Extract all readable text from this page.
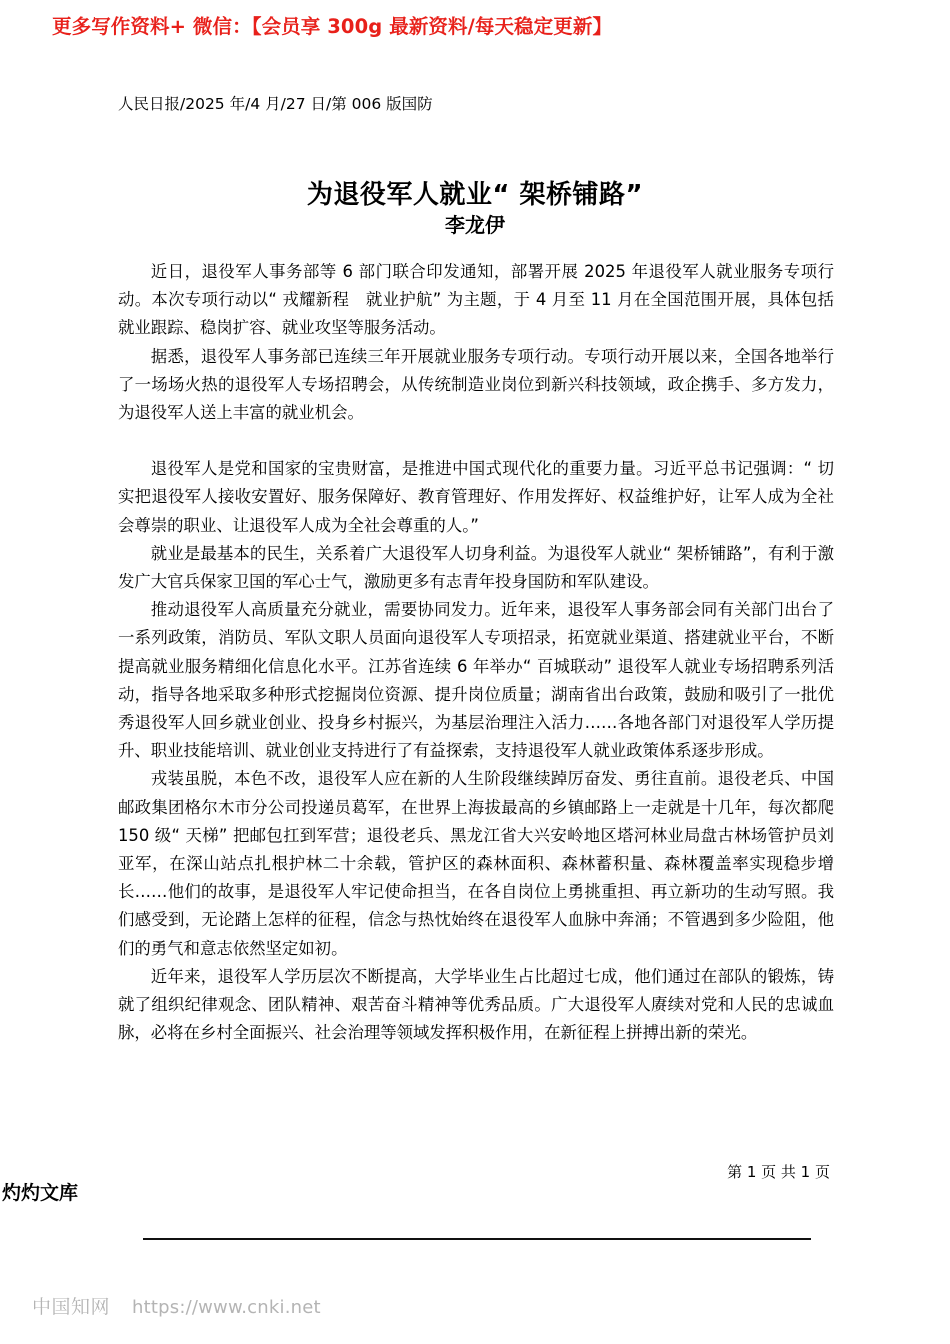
更多写作资料+ 微信：【会员享 300g 最新资料/每天稳定更新】
人民日报/2025 年/4 月/27 日/第 006 版国防
为退役军人就业“ 架桥铺路”
李龙伊

近日，退役军人事务部等 6 部门联合印发通知，部署开展 2025 年退役军人就业服务专项行动。本次专项行动以“ 戎耀新程　就业护航” 为主题，于 4 月至 11 月在全国范围开展，具体包括就业跟踪、稳岗扩容、就业攻坚等服务活动。

据悉，退役军人事务部已连续三年开展就业服务专项行动。专项行动开展以来，全国各地举行了一场场火热的退役军人专场招聘会，从传统制造业岗位到新兴科技领域，政企携手、多方发力，为退役军人送上丰富的就业机会。

退役军人是党和国家的宝贵财富，是推进中国式现代化的重要力量。习近平总书记强调：“ 切实把退役军人接收安置好、服务保障好、教育管理好、作用发挥好、权益维护好，让军人成为全社会尊崇的职业、让退役军人成为全社会尊重的人。”

就业是最基本的民生，关系着广大退役军人切身利益。为退役军人就业“ 架桥铺路”，有利于激发广大官兵保家卫国的军心士气，激励更多有志青年投身国防和军队建设。

推动退役军人高质量充分就业，需要协同发力。近年来，退役军人事务部会同有关部门出台了一系列政策，消防员、军队文职人员面向退役军人专项招录，拓宽就业渠道、搭建就业平台，不断提高就业服务精细化信息化水平。江苏省连续 6 年举办“ 百城联动” 退役军人就业专场招聘系列活动，指导各地采取多种形式挖掘岗位资源、提升岗位质量；湖南省出台政策，鼓励和吸引了一批优秀退役军人回乡就业创业、投身乡村振兴，为基层治理注入活力……各地各部门对退役军人学历提升、职业技能培训、就业创业支持进行了有益探索，支持退役军人就业政策体系逐步形成。

戎装虽脱，本色不改，退役军人应在新的人生阶段继续踔厉奋发、勇往直前。退役老兵、中国邮政集团格尔木市分公司投递员葛军，在世界上海拔最高的乡镇邮路上一走就是十几年，每次都爬 150 级“ 天梯” 把邮包扛到军营；退役老兵、黑龙江省大兴安岭地区塔河林业局盘古林场管护员刘亚军，在深山站点扎根护林二十余载，管护区的森林面积、森林蓄积量、森林覆盖率实现稳步增长……他们的故事，是退役军人牢记使命担当，在各自岗位上勇挑重担、再立新功的生动写照。我们感受到，无论踏上怎样的征程，信念与热忱始终在退役军人血脉中奔涌；不管遇到多少险阻，他们的勇气和意志依然坚定如初。

近年来，退役军人学历层次不断提高，大学毕业生占比超过七成，他们通过在部队的锻炼，铸就了组织纪律观念、团队精神、艰苦奋斗精神等优秀品质。广大退役军人赓续对党和人民的忠诚血脉，必将在乡村全面振兴、社会治理等领域发挥积极作用，在新征程上拼搏出新的荣光。

第 1 页 共 1 页
灼灼文库
中国知网 https://www.cnki.net
